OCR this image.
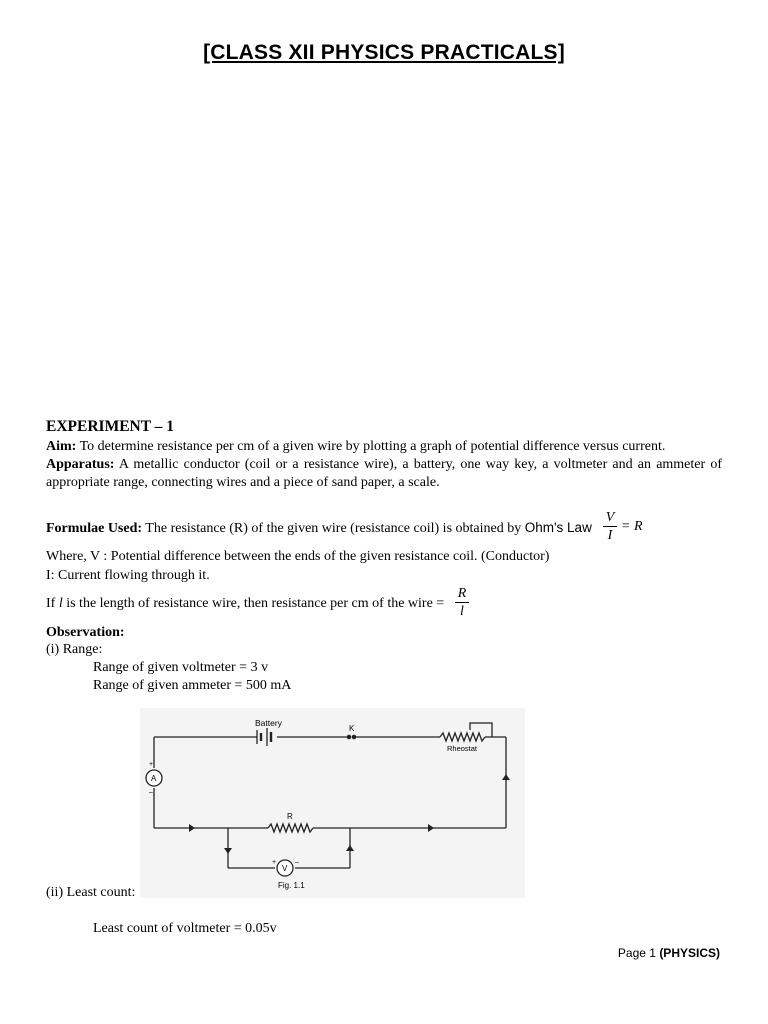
[CLASS XII PHYSICS PRACTICALS]
EXPERIMENT – 1
Aim: To determine resistance per cm of a given wire by plotting a graph of potential difference versus current.
Apparatus: A metallic conductor (coil or a resistance wire), a battery, one way key, a voltmeter and an ammeter of
appropriate range, connecting wires and a piece of sand paper, a scale.
Formulae Used: The resistance (R) of the given wire (resistance coil) is obtained by Ohm's Law
V
I
= R
Where, V : Potential difference between the ends of the given resistance coil. (Conductor)
I: Current flowing through it.
If l is the length of resistance wire, then resistance per cm of the wire =
R
l
Observation:
(i) Range:
Range of given voltmeter = 3 v
Range of given ammeter = 500 mA
Battery
K
Rheostat
R
A
+
–
V
+	–
Fig. 1.1
(ii) Least count:
Least count of voltmeter = 0.05v
Page 1 (PHYSICS)
